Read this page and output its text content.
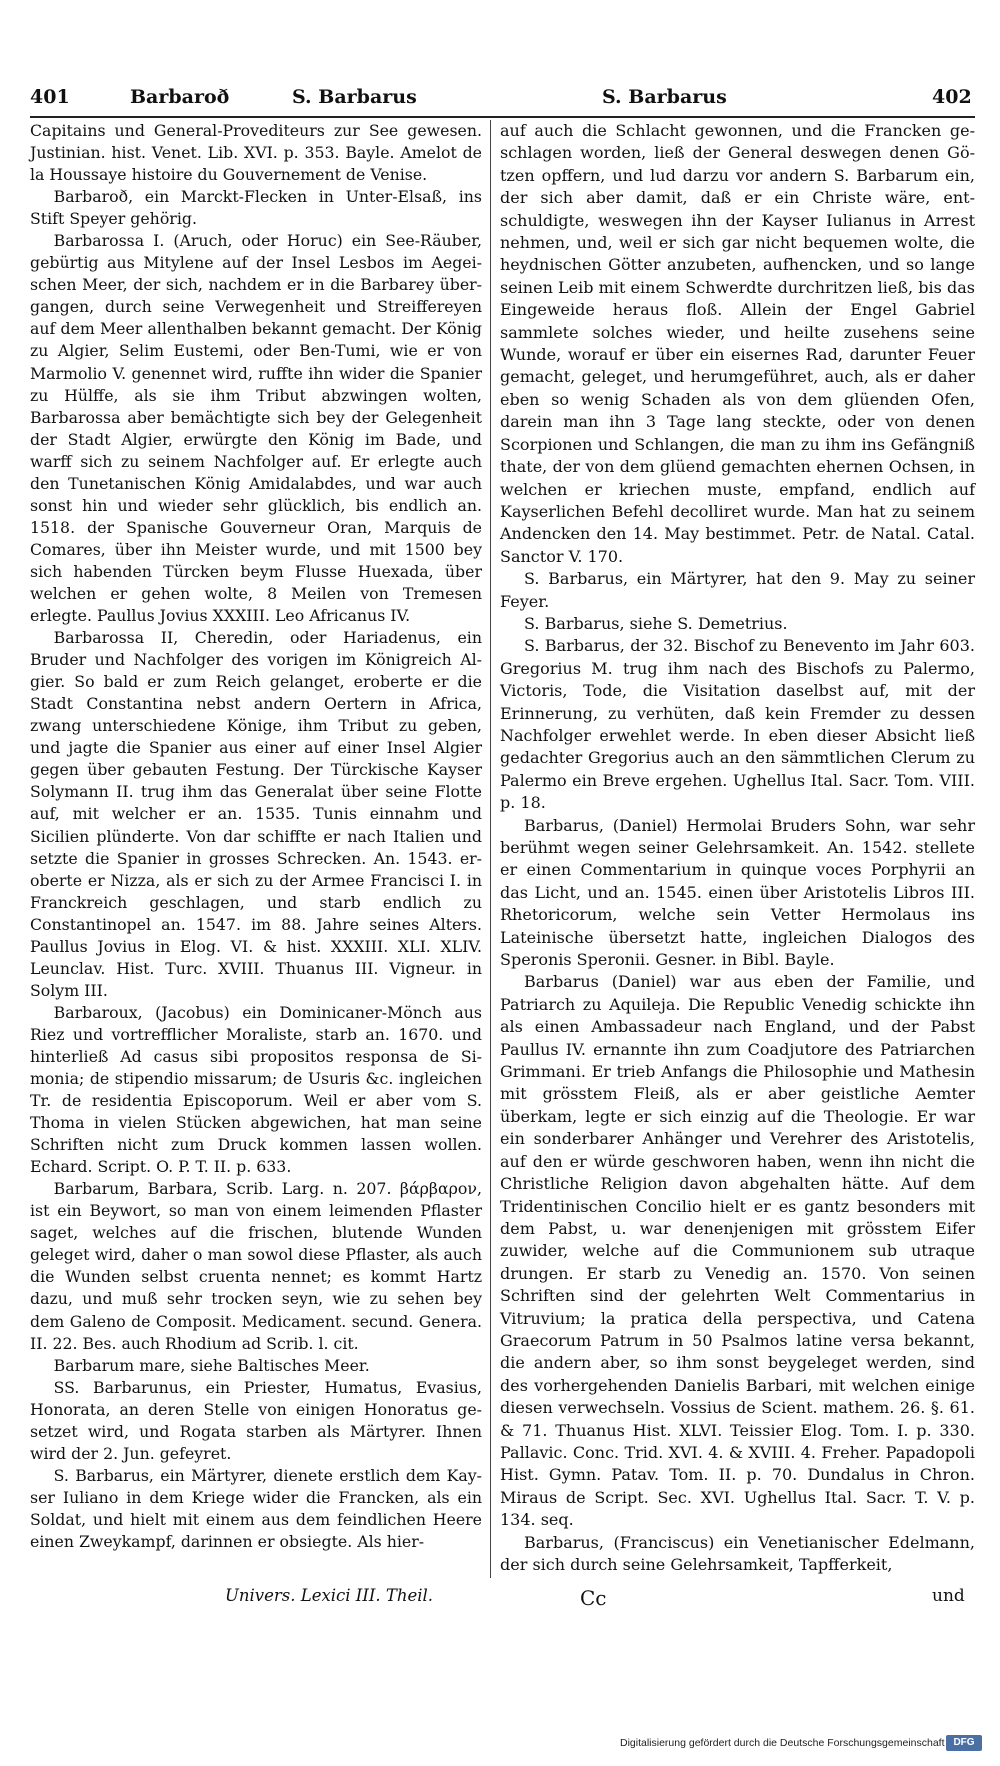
401	Barbaroð	S. Barbarus	S. Barbarus	402

Capitains und General-Provediteurs zur See gewesen. Justinian. hist. Venet. Lib. XVI. p. 353. Bayle. Amelot de la Houssaye histoire du Gouvernement de Venise.

Barbaroð, ein Marckt-Flecken in Unter-Elsaß, ins Stift Speyer gehörig.

Barbarossa I. (Aruch, oder Horuc) ein See-Räuber, gebürtig aus Mitylene auf der Insel Lesbos im Aegeischen Meer, der sich, nachdem er in die Barbarey übergangen, durch seine Verwegenheit und Streiffereyen auf dem Meer allenthalben bekannt gemacht. Der König zu Algier, Selim Eustemi, oder Ben-Tumi, wie er von Marmolio V. genennet wird, ruffte ihn wider die Spanier zu Hülffe, als sie ihm Tribut abzwingen wolten, Barbarossa aber bemächtigte sich bey der Gelegenheit der Stadt Algier, erwürgte den König im Bade, und warff sich zu seinem Nachfolger auf. Er erlegte auch den Tunetanischen König Amidalabdes, und war auch sonst hin und wieder sehr glücklich, bis endlich an. 1518. der Spanische Gouverneur Oran, Marquis de Comares, über ihn Meister wurde, und mit 1500 bey sich habenden Türcken beym Flusse Huexada, über welchen er gehen wolte, 8 Meilen von Tremesen erlegte. Paullus Jovius XXXIII. Leo Africanus IV.

Barbarossa II, Cheredin, oder Hariadenus, ein Bruder und Nachfolger des vorigen im Königreich Algier. So bald er zum Reich gelanget, eroberte er die Stadt Constantina nebst andern Oertern in Africa, zwang unterschiedene Könige, ihm Tribut zu geben, und jagte die Spanier aus einer auf einer Insel Algier gegen über gebauten Festung. Der Türckische Kayser Solymann II. trug ihm das Generalat über seine Flotte auf, mit welcher er an. 1535. Tunis einnahm und Sicilien plünderte. Von dar schiffte er nach Italien und setzte die Spanier in grosses Schrecken. An. 1543. eroberte er Nizza, als er sich zu der Armee Francisci I. in Franckreich geschlagen, und starb endlich zu Constantinopel an. 1547. im 88. Jahre seines Alters. Paullus Jovius in Elog. VI. & hist. XXXIII. XLI. XLIV. Leunclav. Hist. Turc. XVIII. Thuanus III. Vigneur. in Solym III.

Barbaroux, (Jacobus) ein Dominicaner-Mönch aus Riez und vortrefflicher Moraliste, starb an. 1670. und hinterließ Ad casus sibi propositos responsa de Simonia; de stipendio missarum; de Usuris &c. ingleichen Tr. de residentia Episcoporum. Weil er aber vom S. Thoma in vielen Stücken abgewichen, hat man seine Schriften nicht zum Druck kommen lassen wollen. Echard. Script. O. P. T. II. p. 633.

Barbarum, Barbara, Scrib. Larg. n. 207. βάρβαρον, ist ein Beywort, so man von einem leimenden Pflaster saget, welches auf die frischen, blutende Wunden geleget wird, daher o man sowol diese Pflaster, als auch die Wunden selbst cruenta nennet; es kommt Hartz dazu, und muß sehr trocken seyn, wie zu sehen bey dem Galeno de Composit. Medicament. secund. Genera. II. 22. Bes. auch Rhodium ad Scrib. l. cit.

Barbarum mare, siehe Baltisches Meer.

SS. Barbarunus, ein Priester, Humatus, Evasius, Honorata, an deren Stelle von einigen Honoratus gesetzet wird, und Rogata starben als Märtyrer. Ihnen wird der 2. Jun. gefeyret.

S. Barbarus, ein Märtyrer, dienete erstlich dem Kayser Iuliano in dem Kriege wider die Francken, als ein Soldat, und hielt mit einem aus dem feindlichen Heere einen Zweykampf, darinnen er obsiegte. Als hier-

auf auch die Schlacht gewonnen, und die Francken geschlagen worden, ließ der General deswegen denen Götzen opffern, und lud darzu vor andern S. Barbarum ein, der sich aber damit, daß er ein Christe wäre, entschuldigte, weswegen ihn der Kayser Iulianus in Arrest nehmen, und, weil er sich gar nicht bequemen wolte, die heydnischen Götter anzubeten, aufhencken, und so lange seinen Leib mit einem Schwerdte durchritzen ließ, bis das Eingeweide heraus floß. Allein der Engel Gabriel sammlete solches wieder, und heilte zusehens seine Wunde, worauf er über ein eisernes Rad, darunter Feuer gemacht, geleget, und herumgeführet, auch, als er daher eben so wenig Schaden als von dem glüenden Ofen, darein man ihn 3 Tage lang steckte, oder von denen Scorpionen und Schlangen, die man zu ihm ins Gefängniß thate, der von dem glüend gemachten ehernen Ochsen, in welchen er kriechen muste, empfand, endlich auf Kayserlichen Befehl decolliret wurde. Man hat zu seinem Andencken den 14. May bestimmet. Petr. de Natal. Catal. Sanctor V. 170.

S. Barbarus, ein Märtyrer, hat den 9. May zu seiner Feyer.

S. Barbarus, siehe S. Demetrius.

S. Barbarus, der 32. Bischof zu Benevento im Jahr 603. Gregorius M. trug ihm nach des Bischofs zu Palermo, Victoris, Tode, die Visitation daselbst auf, mit der Erinnerung, zu verhüten, daß kein Fremder zu dessen Nachfolger erwehlet werde. In eben dieser Absicht ließ gedachter Gregorius auch an den sämmtlichen Clerum zu Palermo ein Breve ergehen. Ughellus Ital. Sacr. Tom. VIII. p. 18.

Barbarus, (Daniel) Hermolai Bruders Sohn, war sehr berühmt wegen seiner Gelehrsamkeit. An. 1542. stellete er einen Commentarium in quinque voces Porphyrii an das Licht, und an. 1545. einen über Aristotelis Libros III. Rhetoricorum, welche sein Vetter Hermolaus ins Lateinische übersetzt hatte, ingleichen Dialogos des Speronis Speronii. Gesner. in Bibl. Bayle.

Barbarus (Daniel) war aus eben der Familie, und Patriarch zu Aquileja. Die Republic Venedig schickte ihn als einen Ambassadeur nach England, und der Pabst Paullus IV. ernannte ihn zum Coadjutore des Patriarchen Grimmani. Er trieb Anfangs die Philosophie und Mathesin mit grösstem Fleiß, als er aber geistliche Aemter überkam, legte er sich einzig auf die Theologie. Er war ein sonderbarer Anhänger und Verehrer des Aristotelis, auf den er würde geschworen haben, wenn ihn nicht die Christliche Religion davon abgehalten hätte. Auf dem Tridentinischen Concilio hielt er es gantz besonders mit dem Pabst, u. war denenjenigen mit grösstem Eifer zuwider, welche auf die Communionem sub utraque drungen. Er starb zu Venedig an. 1570. Von seinen Schriften sind der gelehrten Welt Commentarius in Vitruvium; la pratica della perspectiva, und Catena Graecorum Patrum in 50 Psalmos latine versa bekannt, die andern aber, so ihm sonst beygeleget werden, sind des vorhergehenden Danielis Barbari, mit welchen einige diesen verwechseln. Vossius de Scient. mathem. 26. §. 61. & 71. Thuanus Hist. XLVI. Teissier Elog. Tom. I. p. 330. Pallavic. Conc. Trid. XVI. 4. & XVIII. 4. Freher. Papadopoli Hist. Gymn. Patav. Tom. II. p. 70. Dundalus in Chron. Miraus de Script. Sec. XVI. Ughellus Ital. Sacr. T. V. p. 134. seq.

Barbarus, (Franciscus) ein Venetianischer Edelmann, der sich durch seine Gelehrsamkeit, Tapfferkeit,

Univers. Lexici III. Theil.	Cc	und
Digitalisierung gefördert durch die Deutsche Forschungsgemeinschaft DFG
